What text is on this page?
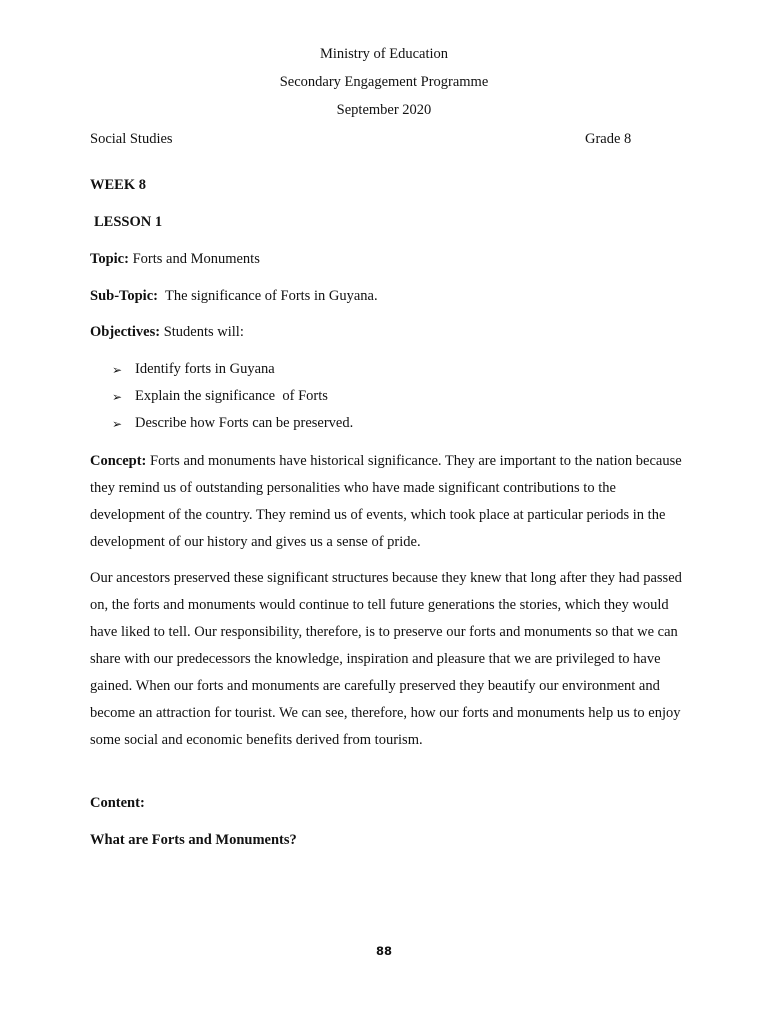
Ministry of Education
Secondary Engagement Programme
September 2020
Social Studies	Grade 8
WEEK 8
LESSON 1
Topic: Forts and Monuments
Sub-Topic:  The significance of Forts in Guyana.
Objectives: Students will:
➢ Identify forts in Guyana
➢ Explain the significance  of Forts
➢ Describe how Forts can be preserved.
Concept: Forts and monuments have historical significance. They are important to the nation because they remind us of outstanding personalities who have made significant contributions to the development of the country. They remind us of events, which took place at particular periods in the development of our history and gives us a sense of pride.
Our ancestors preserved these significant structures because they knew that long after they had passed on, the forts and monuments would continue to tell future generations the stories, which they would have liked to tell. Our responsibility, therefore, is to preserve our forts and monuments so that we can share with our predecessors the knowledge, inspiration and pleasure that we are privileged to have gained. When our forts and monuments are carefully preserved they beautify our environment and become an attraction for tourist. We can see, therefore, how our forts and monuments help us to enjoy some social and economic benefits derived from tourism.
Content:
What are Forts and Monuments?
88
